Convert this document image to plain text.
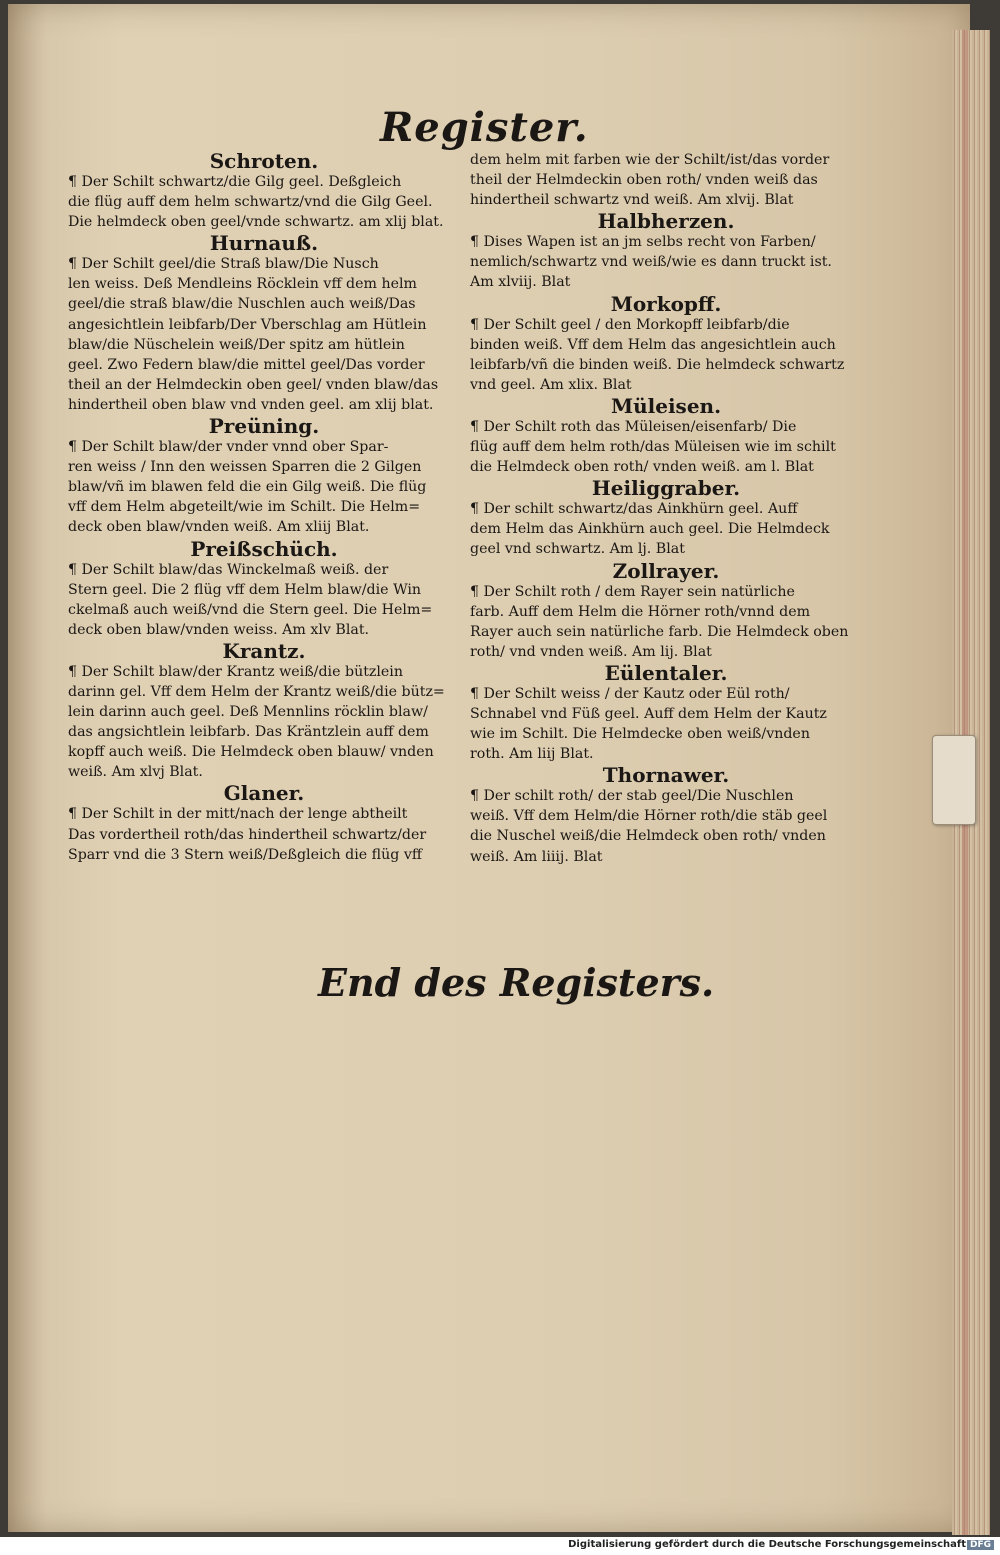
Register.
Schroten.
¶ Der Schilt schwartz/die Gilg geel. Deßgleich
die flüg auff dem helm schwartz/vnd die Gilg Geel.
Die helmdeck oben geel/vnde schwartz. am xlij blat.
Hurnauß.
¶ Der Schilt geel/die Straß blaw/Die Nusch
len weiss. Deß Mendleins Röcklein vff dem helm
geel/die straß blaw/die Nuschlen auch weiß/Das
angesichtlein leibfarb/Der Vberschlag am Hütlein
blaw/die Nüschelein weiß/Der spitz am hütlein
geel. Zwo Federn blaw/die mittel geel/Das vorder
theil an der Helmdeckin oben geel/ vnden blaw/das
hindertheil oben blaw vnd vnden geel. am xlij blat.
Preüning.
¶ Der Schilt blaw/der vnder vnnd ober Spar-
ren weiss / Inn den weissen Sparren die 2 Gilgen
blaw/vñ im blawen feld die ein Gilg weiß. Die flüg
vff dem Helm abgeteilt/wie im Schilt. Die Helm=
deck oben blaw/vnden weiß. Am xliij Blat.
Preißschüch.
¶ Der Schilt blaw/das Winckelmaß weiß. der
Stern geel. Die 2 flüg vff dem Helm blaw/die Win
ckelmaß auch weiß/vnd die Stern geel. Die Helm=
deck oben blaw/vnden weiss. Am xlv Blat.
Krantz.
¶ Der Schilt blaw/der Krantz weiß/die bützlein
darinn gel. Vff dem Helm der Krantz weiß/die bütz=
lein darinn auch geel. Deß Mennlins röcklin blaw/
das angsichtlein leibfarb. Das Kräntzlein auff dem
kopff auch weiß. Die Helmdeck oben blauw/ vnden
weiß. Am xlvj Blat.
Glaner.
¶ Der Schilt in der mitt/nach der lenge abtheilt
Das vordertheil roth/das hindertheil schwartz/der
Sparr vnd die 3 Stern weiß/Deßgleich die flüg vff
dem helm mit farben wie der Schilt/ist/das vorder
theil der Helmdeckin oben roth/ vnden weiß das
hindertheil schwartz vnd weiß. Am xlvij. Blat
Halbherzen.
¶ Dises Wapen ist an jm selbs recht von Farben/
nemlich/schwartz vnd weiß/wie es dann truckt ist.
Am xlviij. Blat
Morkopff.
¶ Der Schilt geel / den Morkopff leibfarb/die
binden weiß. Vff dem Helm das angesichtlein auch
leibfarb/vñ die binden weiß. Die helmdeck schwartz
vnd geel. Am xlix. Blat
Müleisen.
¶ Der Schilt roth das Müleisen/eisenfarb/ Die
flüg auff dem helm roth/das Müleisen wie im schilt
die Helmdeck oben roth/ vnden weiß. am l. Blat
Heiliggraber.
¶ Der schilt schwartz/das Ainkhürn geel. Auff
dem Helm das Ainkhürn auch geel. Die Helmdeck
geel vnd schwartz. Am lj. Blat
Zollrayer.
¶ Der Schilt roth / dem Rayer sein natürliche
farb. Auff dem Helm die Hörner roth/vnnd dem
Rayer auch sein natürliche farb. Die Helmdeck oben
roth/ vnd vnden weiß. Am lij. Blat
Eülentaler.
¶ Der Schilt weiss / der Kautz oder Eül roth/
Schnabel vnd Füß geel. Auff dem Helm der Kautz
wie im Schilt. Die Helmdecke oben weiß/vnden
roth. Am liij Blat.
Thornawer.
¶ Der schilt roth/ der stab geel/Die Nuschlen
weiß. Vff dem Helm/die Hörner roth/die stäb geel
die Nuschel weiß/die Helmdeck oben roth/ vnden
weiß. Am liiij. Blat
End des Registers.
Digitalisierung gefördert durch die Deutsche Forschungsgemeinschaft DFG
